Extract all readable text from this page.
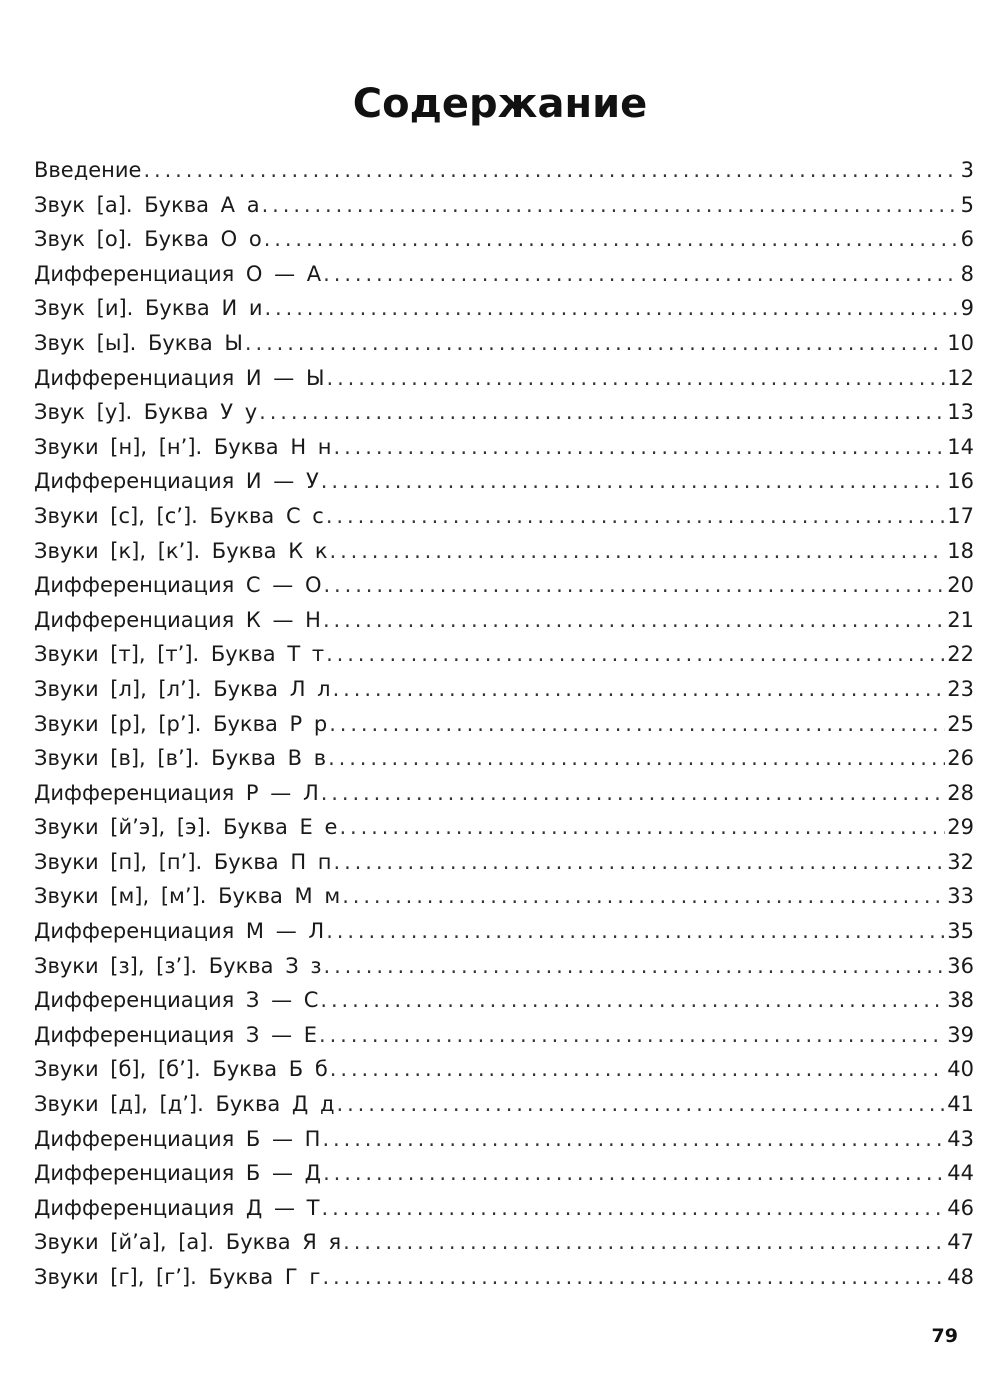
Содержание
Введение .....	3
Звук [а]. Буква А а .....	5
Звук [о]. Буква О о .....	6
Дифференциация О — А .....	8
Звук [и]. Буква И и .....	9
Звук [ы]. Буква Ы .....	10
Дифференциация И — Ы .....	12
Звук [у]. Буква У у .....	13
Звуки [н], [н’]. Буква Н н .....	14
Дифференциация И — У .....	16
Звуки [с], [с’]. Буква С с .....	17
Звуки [к], [к’]. Буква К к .....	18
Дифференциация С — О .....	20
Дифференциация К — Н .....	21
Звуки [т], [т’]. Буква Т т .....	22
Звуки [л], [л’]. Буква Л л .....	23
Звуки [р], [р’]. Буква Р р .....	25
Звуки [в], [в’]. Буква В в .....	26
Дифференциация Р — Л .....	28
Звуки [й’э], [э]. Буква Е е .....	29
Звуки [п], [п’]. Буква П п .....	32
Звуки [м], [м’]. Буква М м .....	33
Дифференциация М — Л .....	35
Звуки [з], [з’]. Буква З з .....	36
Дифференциация З — С .....	38
Дифференциация З — Е .....	39
Звуки [б], [б’]. Буква Б б .....	40
Звуки [д], [д’]. Буква Д д .....	41
Дифференциация Б — П .....	43
Дифференциация Б — Д .....	44
Дифференциация Д — Т .....	46
Звуки [й’а], [а]. Буква Я я .....	47
Звуки [г], [г’]. Буква Г г .....	48
79
